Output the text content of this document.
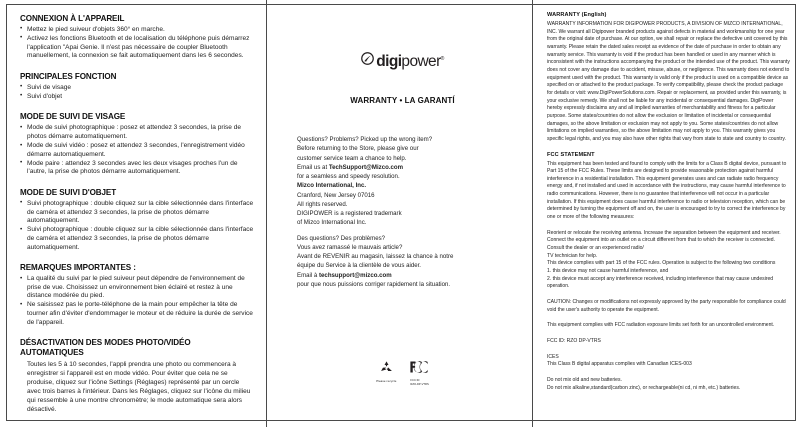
CONNEXION À L'APPAREIL
• Mettez le pied suiveur d'objets 360° en marche.
• Activez les fonctions Bluetooth et de localisation du téléphone puis démarrez l'application "Apai Genie. Il n'est pas nécessaire de coupler Bluetooth manuellement, la connexion se fait automatiquement dans les 6 secondes.
PRINCIPALES FONCTION
• Suivi de visage
• Suivi d'objet
MODE DE SUIVI DE VISAGE
• Mode de suivi photographique : posez et attendez 3 secondes, la prise de photos démarre automatiquement.
• Mode de suivi vidéo : posez et attendez 3 secondes, l'enregistrement vidéo démarre automatiquement.
• Mode paire : attendez 3 secondes avec les deux visages proches l'un de l'autre, la prise de photos démarre automatiquement.
MODE DE SUIVI D'OBJET
• Suivi photographique : double cliquez sur la cible sélectionnée dans l'interface de caméra et attendez 3 secondes, la prise de photos démarre automatiquement.
• Suivi photographique : double cliquez sur la cible sélectionnée dans l'interface de caméra et attendez 3 secondes, la prise de photos démarre automatiquement.
REMARQUES IMPORTANTES :
• La qualité du suivi par le pied suiveur peut dépendre de l'environnement de prise de vue. Choisissez un environnement bien éclairé et restez à une distance modérée du pied.
• Ne saisissez pas le porte-téléphone de la main pour empêcher la tête de tourner afin d'éviter d'endommager le moteur et de réduire la durée de service de l'appareil.
DÉSACTIVATION DES MODES PHOTO/VIDÉO AUTOMATIQUES
Toutes les 5 à 10 secondes, l'appli prendra une photo ou commencera à enregistrer si l'appareil est en mode vidéo. Pour éviter que cela ne se produise, cliquez sur l'icône Settings (Réglages) représenté par un cercle avec trois barres à l'intérieur. Dans les Réglages, cliquez sur l'icône du milieu qui ressemble à une montre chronomètre; le mode automatique sera alors désactivé.
digipower®
WARRANTY • LA GARANTÍ
Questions? Problems? Picked up the wrong item?
Before returning to the Store, please give our
customer service team a chance to help.
Email us at TechSupport@Mizco.com
for a seamless and speedy resolution.
Mizco International, Inc.
Cranford, New Jersey 07016
All rights reserved.
DIGIPOWER is a registered trademark
of Mizco International Inc.
Des questions? Des problèmes?
Vous avez ramassé le mauvais article?
Avant de REVENIR au magasin, laissez la chance à notre
équipe du Service à la clientèle de vous aider.
Email à techsupport@mizco.com
pour que nous puissions corriger rapidement la situation.
Please recycle	FCC ID:
RZO-DP-VTRS
WARRANTY (English)

WARRANTY INFORMATION FOR DIGIPOWER PRODUCTS, A DIVISION OF MIZCO INTERNATIONAL, INC. We warrant all Digipower branded products against defects in material and workmanship for one year from the original date of purchase. At our option, we shall repair or replace the defective unit covered by this warranty. Please retain the dated sales receipt as evidence of the date of purchase in order to obtain any warranty service. This warranty is void if the product has been handled or used in any manner which is inconsistent with the instructions accompanying the product or the intended use of the product. This warranty does not cover any damage due to accident, misuse, abuse, or negligence. This warranty does not extend to equipment used with the product. This warranty is valid only if the product is used on a compatible device as specified on or attached to the product package. To verify compatibility, please check the product package for details or visit: www.DigiPowerSolutions.com. Repair or replacement, as provided under this warranty, is your exclusive remedy. We shall not be liable for any incidental or consequential damages. DigiPower hereby expressly disclaims any and all implied warranties of merchantability and fitness for a particular purpose. Some states/countries do not allow the exclusion or limitation of incidental or consequential damages, so the above limitation or exclusion may not apply to you. Some states/countries do not allow limitations on implied warranties, so the above limitation may not apply to you. This warranty gives you specific legal rights, and you may also have other rights that vary from state to state and country to country.

FCC STATEMENT

This equipment has been tested and found to comply with the limits for a Class B digital device, pursuant to Part 15 of the FCC Rules. These limits are designed to provide reasonable protection against harmful interference in a residential installation. This equipment generates uses and can radiate radio frequency energy and, if not installed and used in accordance with the instructions, may cause harmful interference to radio communications. However, there is no guarantee that interference will not occur in a particular installation. If this equipment does cause harmful interference to radio or television reception, which can be determined by turning the equipment off and on, the user is encouraged to try to correct the interference by one or more of the following measures:

Reorient or relocate the receiving antenna. Increase the separation between the equipment and receiver.

Connect the equipment into an outlet on a circuit different from that to which the receiver is connected.

Consult the dealer or an experienced radio/

TV technician for help.

This device complies with part 15 of the FCC rules. Operation is subject to the following two conditions

1. this device may not cause harmful interference, and

2. this device must accept any interference received, including interference that may cause undesired operation.

CAUTION: Changes or modifications not expressly approved by the party responsible for compliance could void the user's authority to operate the equipment.

This equipment complies with FCC radiation exposure limits set forth for an uncontrolled environment.

FCC ID: RZO DP-VTRS

ICES

This Class B digital apparatus complies with Canadian ICES-003

Do not mix old and new batteries.

Do not mix alkaline,standard(carbon zinc), or rechargeable(ni cd, ni mh, etc.) batteries.
